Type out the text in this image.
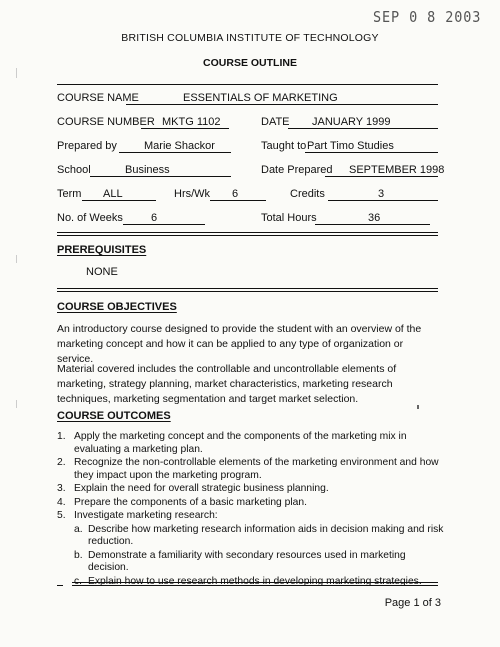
SEP 0 8 2003
BRITISH COLUMBIA INSTITUTE OF TECHNOLOGY
COURSE OUTLINE
COURSE NAME	ESSENTIALS OF MARKETING
COURSE NUMBER MKTG 1102	DATE JANUARY 1999
Prepared by Marie Shackor	Taught to Part Timo Studies
School	Business	Date Prepared SEPTEMBER 1998
Term ALL	Hrs/Wk 6	Credits	3
No. of Weeks	6	Total Hours	36
PREREQUISITES
NONE
COURSE OBJECTIVES
An introductory course designed to provide the student with an overview of the marketing concept and how it can be applied to any type of organization or service.
Material covered includes the controllable and uncontrollable elements of marketing, strategy planning, market characteristics, marketing research techniques, marketing segmentation and target market selection.
COURSE OUTCOMES
1. Apply the marketing concept and the components of the marketing mix in evaluating a marketing plan.
2. Recognize the non-controllable elements of the marketing environment and how they impact upon the marketing program.
3. Explain the need for overall strategic business planning.
4. Prepare the components of a basic marketing plan.
5. Investigate marketing research:
a. Describe how marketing research information aids in decision making and risk reduction.
b. Demonstrate a familiarity with secondary resources used in marketing decision.
c. Explain how to use research methods in developing marketing strategies.
Page 1 of 3
